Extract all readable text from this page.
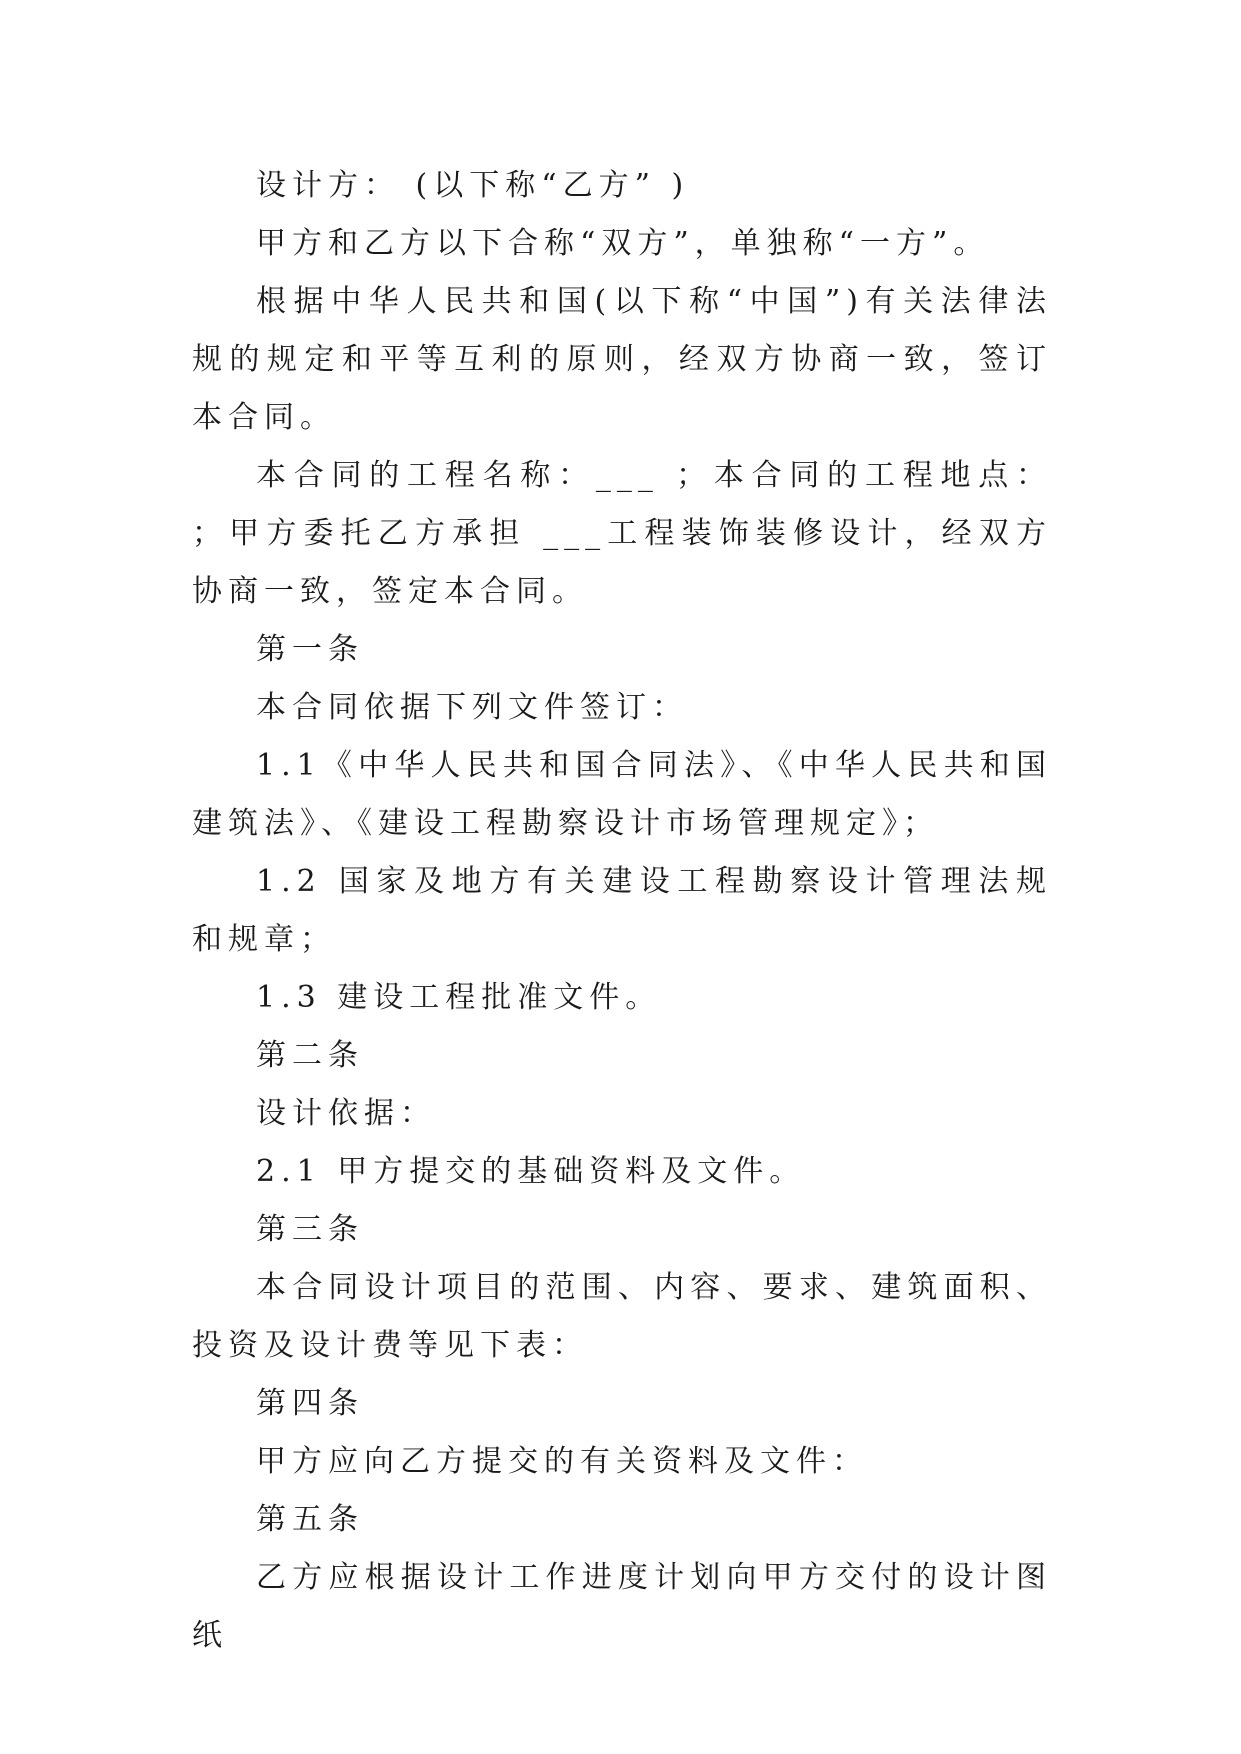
设计方： (以下称“乙方” )

甲方和乙方以下合称“双方”，单独称“一方”。

根据中华人民共和国(以下称“中国”)有关法律法规的规定和平等互利的原则，经双方协商一致，签订本合同。

本合同的工程名称：___ ；本合同的工程地点： ；甲方委托乙方承担 ___工程装饰装修设计，经双方协商一致，签定本合同。

第一条

本合同依据下列文件签订：

1.1《中华人民共和国合同法》、《中华人民共和国建筑法》、《建设工程勘察设计市场管理规定》；

1.2 国家及地方有关建设工程勘察设计管理法规和规章；

1.3 建设工程批准文件。

第二条

设计依据：

2.1 甲方提交的基础资料及文件。

第三条

本合同设计项目的范围、内容、要求、建筑面积、投资及设计费等见下表：

第四条

甲方应向乙方提交的有关资料及文件：

第五条

乙方应根据设计工作进度计划向甲方交付的设计图纸
